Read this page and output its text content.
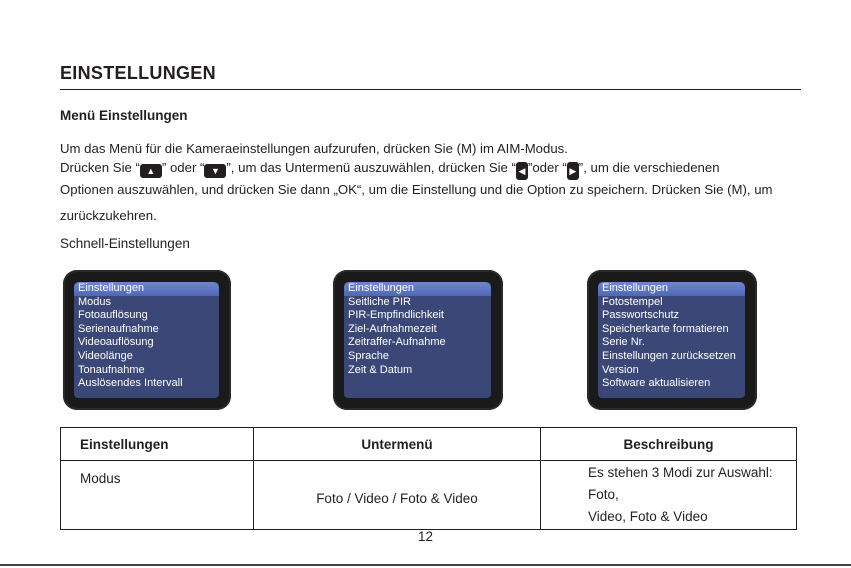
EINSTELLUNGEN
Menü Einstellungen
Um das Menü für die Kameraeinstellungen aufzurufen, drücken Sie (M) im AIM-Modus.
Drücken Sie “ ▲ ” oder “ ▼ ”, um das Untermenü auszuwählen, drücken Sie “ ◀ ”oder “ ▶ ”, um die verschiedenen
Optionen auszuwählen, und drücken Sie dann „OK“, um die Einstellung und die Option zu speichern. Drücken Sie (M), um
zurückzukehren.
Schnell-Einstellungen
Einstellungen
Modus
Fotoauflösung
Serienaufnahme
Videoauflösung
Videolänge
Tonaufnahme
Auslösendes Intervall
Einstellungen
Seitliche PIR
PIR-Empfindlichkeit
Ziel-Aufnahmezeit
Zeitraffer-Aufnahme
Sprache
Zeit & Datum
Einstellungen
Fotostempel
Passwortschutz
Speicherkarte formatieren
Serie Nr.
Einstellungen zurücksetzen
Version
Software aktualisieren
Einstellungen	Untermenü	Beschreibung
Modus	Foto / Video / Foto & Video	Es stehen 3 Modi zur Auswahl: Foto,
Video, Foto & Video
12
